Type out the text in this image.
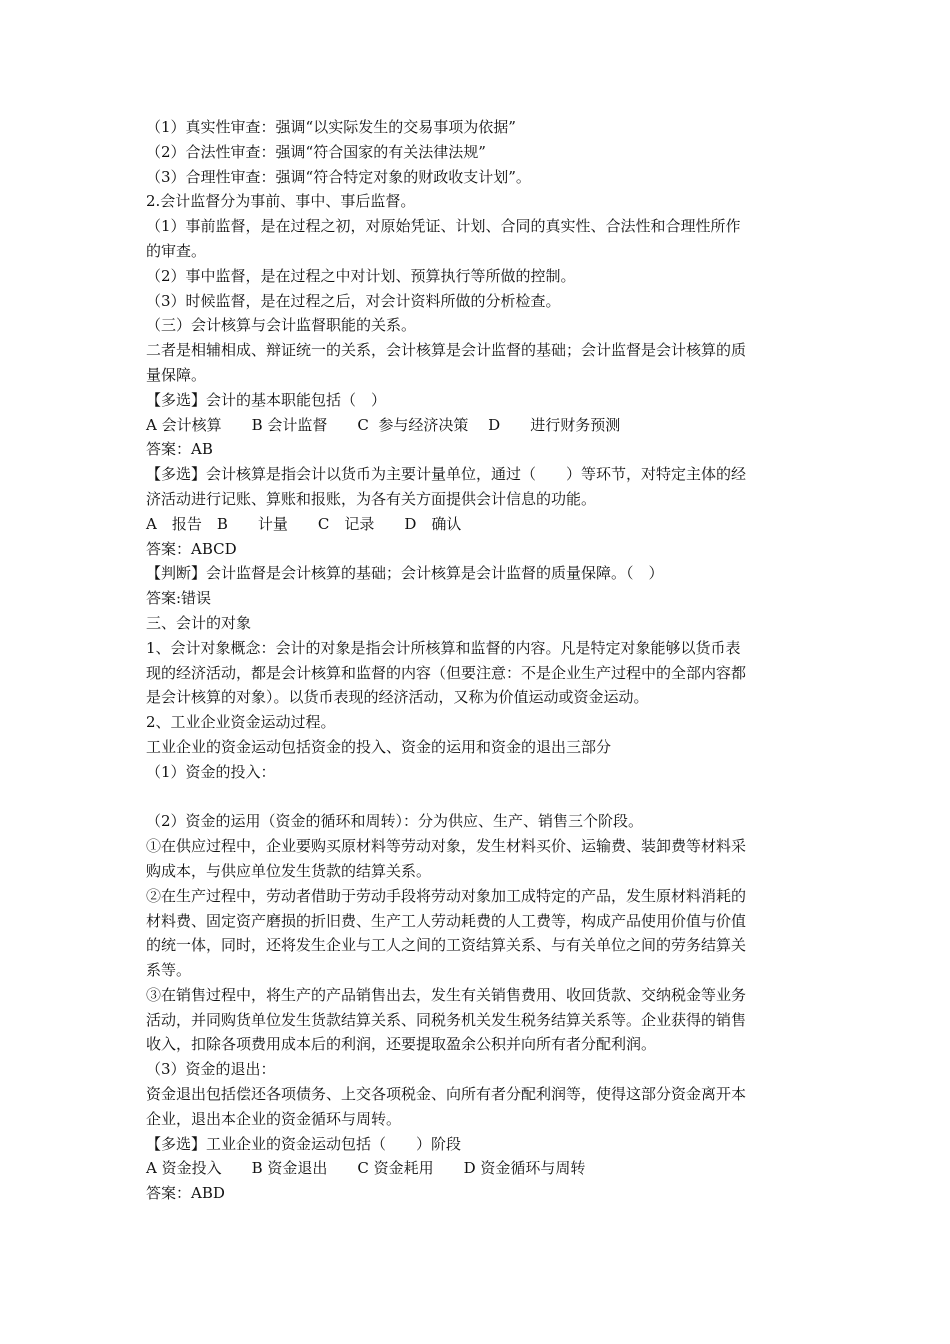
（1）真实性审查：强调“以实际发生的交易事项为依据”
（2）合法性审查：强调“符合国家的有关法律法规”
（3）合理性审查：强调“符合特定对象的财政收支计划”。
2.会计监督分为事前、事中、事后监督。
（1）事前监督，是在过程之初，对原始凭证、计划、合同的真实性、合法性和合理性所作
的审查。
（2）事中监督，是在过程之中对计划、预算执行等所做的控制。
（3）时候监督，是在过程之后，对会计资料所做的分析检查。
（三）会计核算与会计监督职能的关系。
二者是相辅相成、辩证统一的关系，会计核算是会计监督的基础；会计监督是会计核算的质
量保障。
【多选】会计的基本职能包括（　）
A 会计核算　　B 会计监督　　C  参与经济决策　 D　　进行财务预测
答案：AB
【多选】会计核算是指会计以货币为主要计量单位，通过（　　）等环节，对特定主体的经
济活动进行记账、算账和报账，为各有关方面提供会计信息的功能。
A　报告　B　　计量　　C　记录　　D　确认
答案：ABCD
【判断】会计监督是会计核算的基础；会计核算是会计监督的质量保障。（　）
答案:错误
三、会计的对象
1、会计对象概念：会计的对象是指会计所核算和监督的内容。凡是特定对象能够以货币表
现的经济活动，都是会计核算和监督的内容（但要注意：不是企业生产过程中的全部内容都
是会计核算的对象）。以货币表现的经济活动，又称为价值运动或资金运动。
2、工业企业资金运动过程。
工业企业的资金运动包括资金的投入、资金的运用和资金的退出三部分
（1）资金的投入：
（2）资金的运用（资金的循环和周转）：分为供应、生产、销售三个阶段。
①在供应过程中，企业要购买原材料等劳动对象，发生材料买价、运输费、装卸费等材料采
购成本，与供应单位发生货款的结算关系。
②在生产过程中，劳动者借助于劳动手段将劳动对象加工成特定的产品，发生原材料消耗的
材料费、固定资产磨损的折旧费、生产工人劳动耗费的人工费等，构成产品使用价值与价值
的统一体，同时，还将发生企业与工人之间的工资结算关系、与有关单位之间的劳务结算关
系等。
③在销售过程中，将生产的产品销售出去，发生有关销售费用、收回货款、交纳税金等业务
活动，并同购货单位发生货款结算关系、同税务机关发生税务结算关系等。企业获得的销售
收入，扣除各项费用成本后的利润，还要提取盈余公积并向所有者分配利润。
（3）资金的退出：
资金退出包括偿还各项债务、上交各项税金、向所有者分配利润等，使得这部分资金离开本
企业，退出本企业的资金循环与周转。
【多选】工业企业的资金运动包括（　　）阶段
A 资金投入　　B 资金退出　　C 资金耗用　　D 资金循环与周转
答案：ABD
